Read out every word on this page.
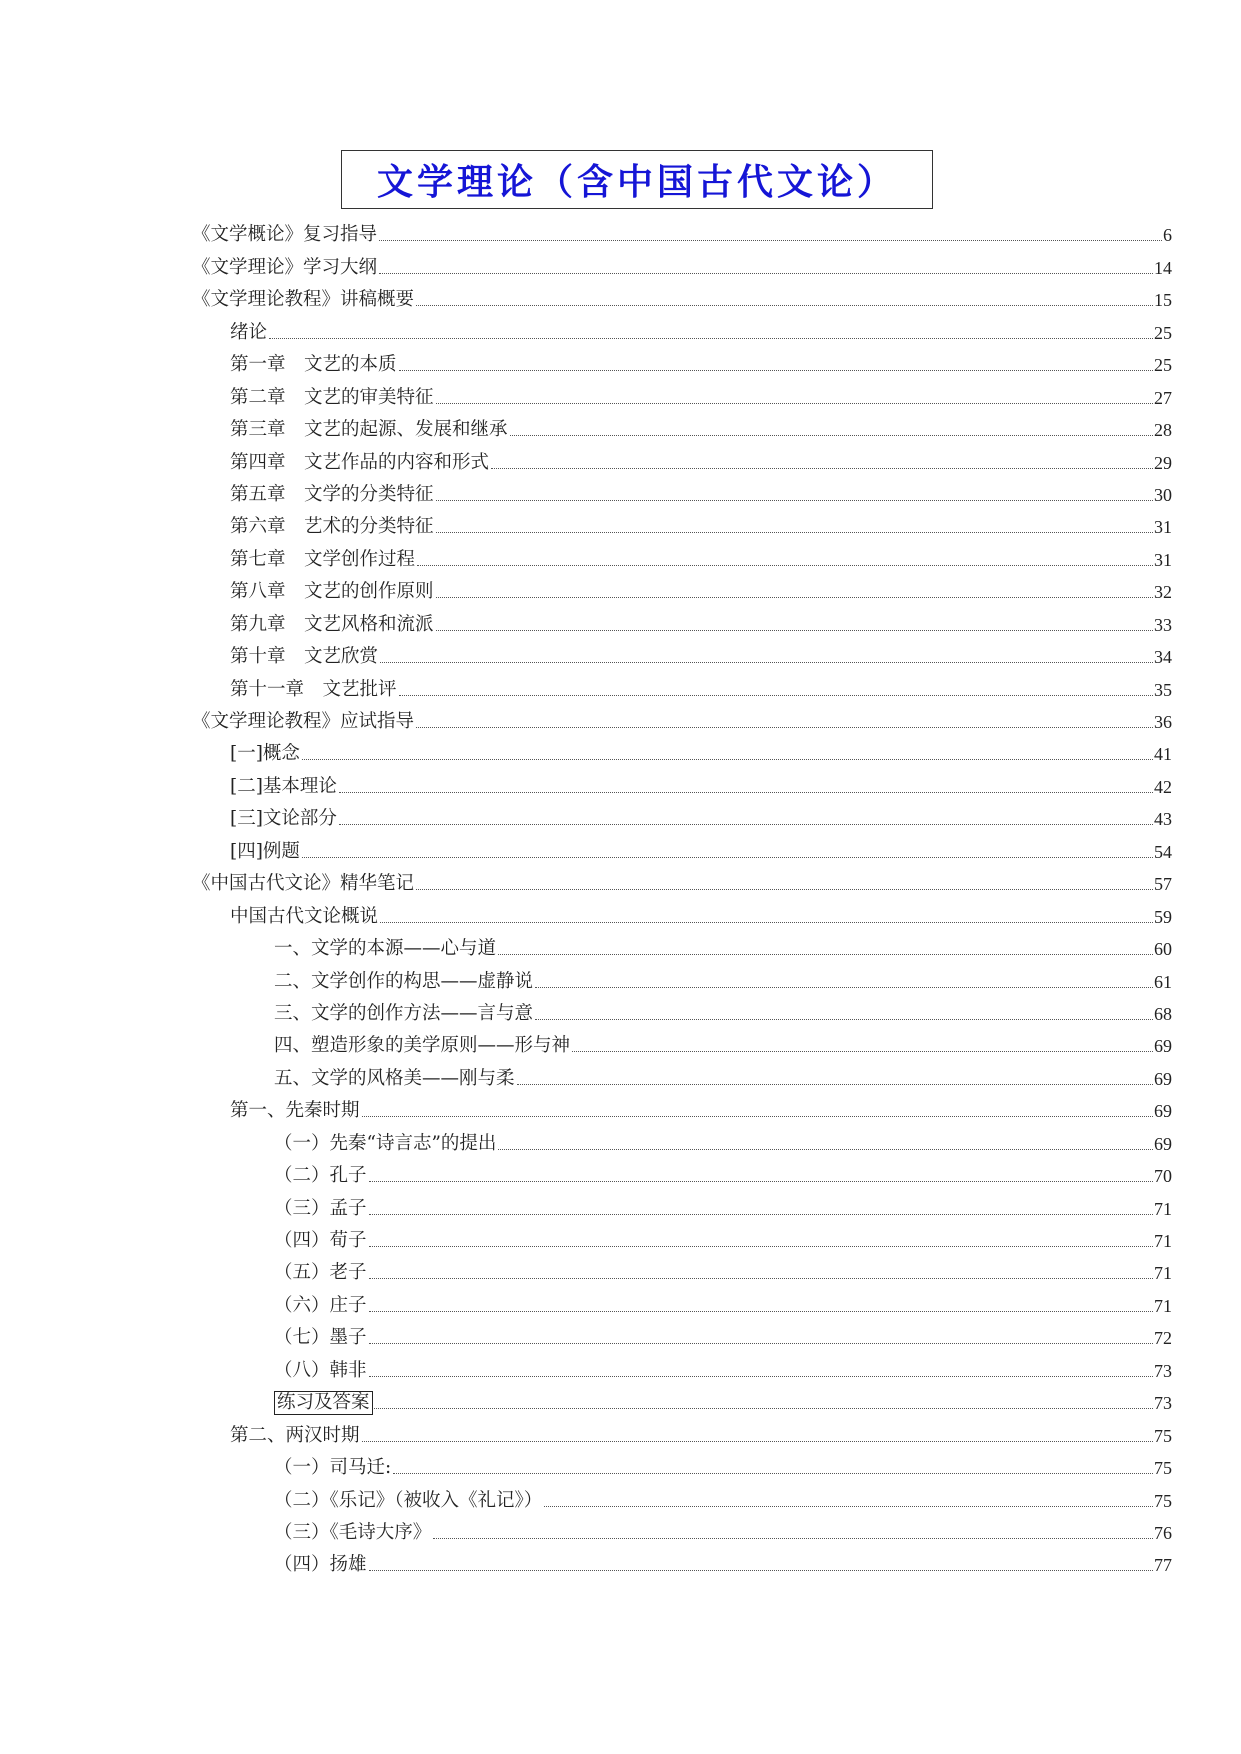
文学理论（含中国古代文论）
《文学概论》复习指导	6
《文学理论》学习大纲	14
《文学理论教程》讲稿概要	15
绪论	25
第一章　文艺的本质	25
第二章　文艺的审美特征	27
第三章　文艺的起源、发展和继承	28
第四章　文艺作品的内容和形式	29
第五章　文学的分类特征	30
第六章　艺术的分类特征	31
第七章　文学创作过程	31
第八章　文艺的创作原则	32
第九章　文艺风格和流派	33
第十章　文艺欣赏	34
第十一章　文艺批评	35
《文学理论教程》应试指导	36
[一]概念	41
[二]基本理论	42
[三]文论部分	43
[四]例题	54
《中国古代文论》精华笔记	57
中国古代文论概说	59
一、文学的本源——心与道	60
二、文学创作的构思——虚静说	61
三、文学的创作方法——言与意	68
四、塑造形象的美学原则——形与神	69
五、文学的风格美——刚与柔	69
第一、先秦时期	69
（一）先秦“诗言志”的提出	69
（二）孔子	70
（三）孟子	71
（四）荀子	71
（五）老子	71
（六）庄子	71
（七）墨子	72
（八）韩非	73
练习及答案	73
第二、两汉时期	75
（一）司马迁:	75
（二）《乐记》（被收入《礼记》）	75
（三）《毛诗大序》	76
（四）扬雄	77
